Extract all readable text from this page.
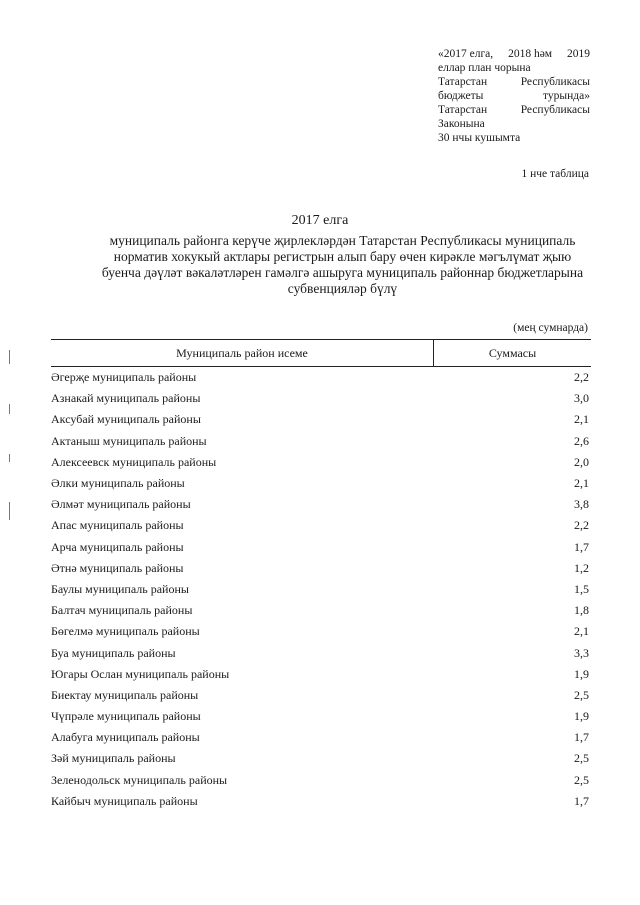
«2017 елга, 2018 һәм 2019
еллар план чорына
Татарстан	Республикасы
бюджеты	турында»
Татарстан	Республикасы
Законына
30 нчы кушымта
1 нче таблица
2017 елга
муниципаль районга керүче җирлекләрдән Татарстан Республикасы муниципаль норматив хокукый актлары регистрын алып бару өчен кирәкле мәгълүмат җыю буенча дәүләт вәкаләтләрен гамәлгә ашыруга муниципаль районнар бюджетларына субвенцияләр бүлү
(мең сумнарда)
Муниципаль район исеме	Суммасы
Әгерҗе муниципаль районы	2,2
Азнакай муниципаль районы	3,0
Аксубай муниципаль районы	2,1
Актаныш муниципаль районы	2,6
Алексеевск муниципаль районы	2,0
Әлки муниципаль районы	2,1
Әлмәт муниципаль районы	3,8
Апас муниципаль районы	2,2
Арча муниципаль районы	1,7
Әтнә муниципаль районы	1,2
Баулы муниципаль районы	1,5
Балтач муниципаль районы	1,8
Бөгелмә муниципаль районы	2,1
Буа муниципаль районы	3,3
Югары Ослан муниципаль районы	1,9
Биектау муниципаль районы	2,5
Чүпрәле муниципаль районы	1,9
Алабуга муниципаль районы	1,7
Зәй муниципаль районы	2,5
Зеленодольск муниципаль районы	2,5
Кайбыч муниципаль районы	1,7
